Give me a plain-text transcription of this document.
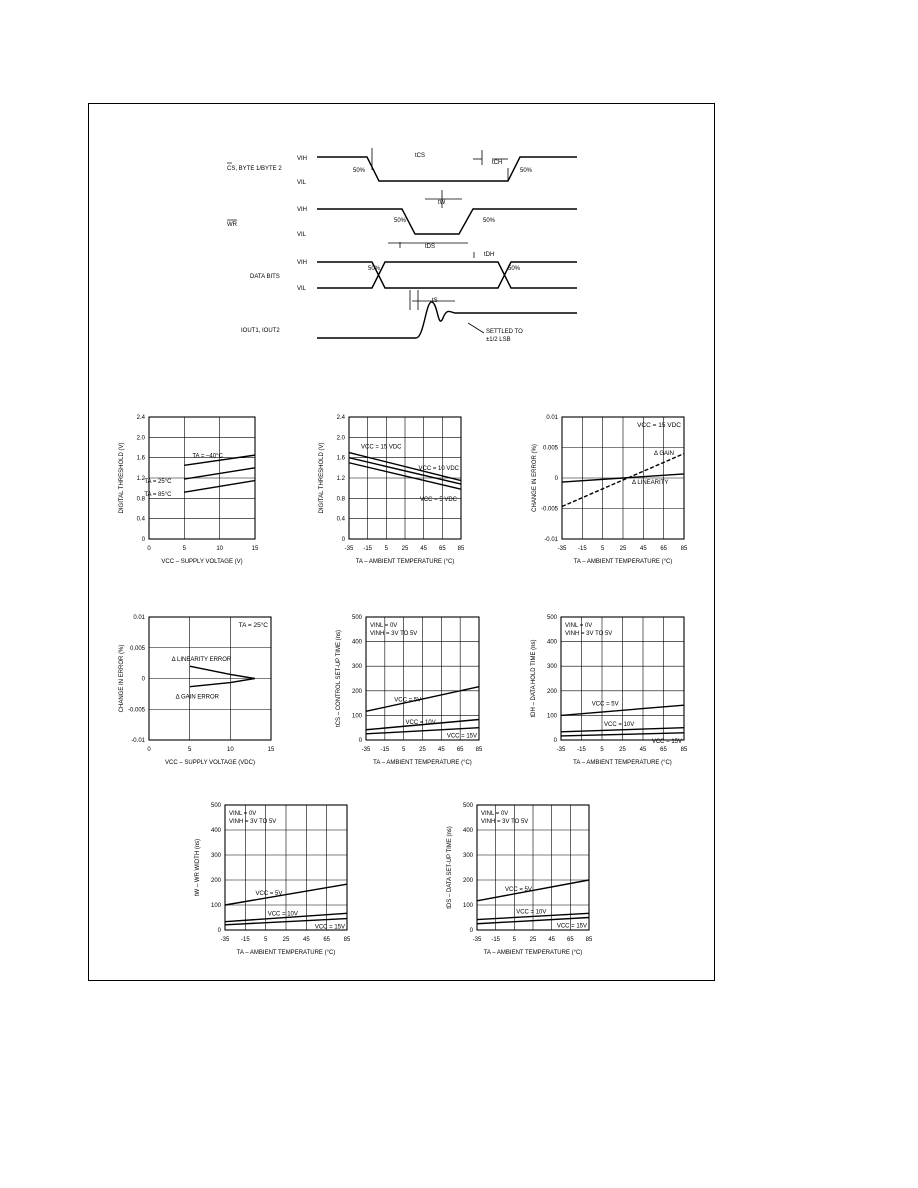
VIH
VIL
CS, BYTE 1/BYTE 2
VIH
VIL
WR
VIH
VIL
DATA BITS
IOUT1, IOUT2
tCS
tCH
tW
tDS
tDH
tS
50%	50%
50%	50%
50%	50%
SETTLED TO
±1/2 LSB
0	5	10	15
0
0.4
0.8
1.2
1.6
2.0
2.4
VCC – SUPPLY VOLTAGE (V)
DIGITAL THRESHOLD (V)	TA = –40°C
TA = 25°C
TA = 85°C
-35 -15 5 25 45 65 85
0
0.4
0.8
1.2
1.6
2.0
2.4
TA – AMBIENT TEMPERATURE (°C)
DIGITAL THRESHOLD (V)	VCC = 15 VDC
VCC = 10 VDC
VCC = 5 VDC
-35 -15 5	25 45 65 85
-0.01
-0.005
0
0.005
0.01
TA – AMBIENT TEMPERATURE (°C)
CHANGE IN ERROR (%)
VCC = 15 VDC
Δ GAIN
Δ LINEARITY
0	5	10	15
-0.01
-0.005
0
0.005
0.01
VCC – SUPPLY VOLTAGE (VDC)
CHANGE IN ERROR (%)
TA = 25°C
Δ LINEARITY ERROR
Δ GAIN ERROR
-35 -15 5 25 45 65 85
0
100
200
300
400
500
TA – AMBIENT TEMPERATURE (°C)
tCS – CONTROL SET-UP TIME (ns)
VINL = 0V
VINH = 3V TO 5V
VCC = 5V
VCC = 10V
VCC = 15V
-35 -15 5	25 45 65 85
0
100
200
300
400
500
TA – AMBIENT TEMPERATURE (°C)
tDH – DATA HOLD TIME (ns)
VINL = 0V
VINH = 3V TO 5V
VCC = 5V
VCC = 10V
VCC = 15V
-35 -15 5	25 45 65 85
0
100
200
300
400
500
TA – AMBIENT TEMPERATURE (°C)
tW – WR WIDTH (ns)
VINL = 0V
VINH = 3V TO 5V
VCC = 5V
VCC = 10V
VCC = 15V
-35 -15 5 25 45 65 85
0
100
200
300
400
500
TA – AMBIENT TEMPERATURE (°C)
tDS – DATA SET-UP TIME (ns)
VINL = 0V
VINH = 3V TO 5V
VCC = 5V
VCC = 10V
VCC = 15V
